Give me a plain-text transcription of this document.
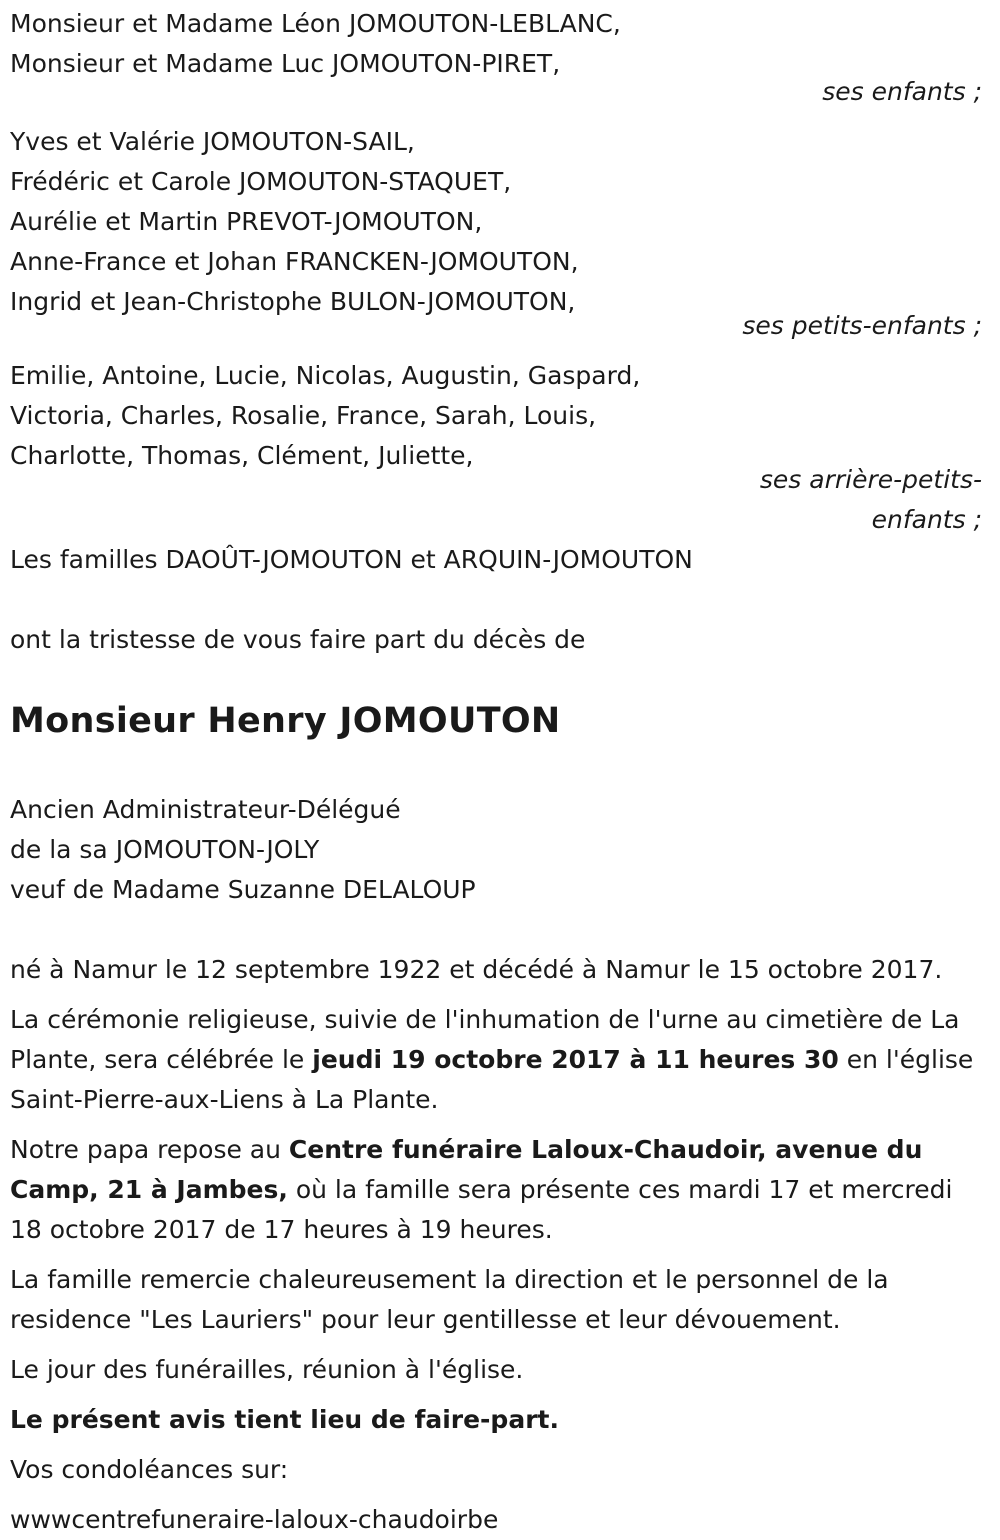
Monsieur et Madame Léon JOMOUTON-LEBLANC,
Monsieur et Madame Luc JOMOUTON-PIRET,
ses enfants ;
Yves et Valérie JOMOUTON-SAIL,
Frédéric et Carole JOMOUTON-STAQUET,
Aurélie et Martin PREVOT-JOMOUTON,
Anne-France et Johan FRANCKEN-JOMOUTON,
Ingrid et Jean-Christophe BULON-JOMOUTON,
ses petits-enfants ;
Emilie, Antoine, Lucie, Nicolas, Augustin, Gaspard,
Victoria, Charles, Rosalie, France, Sarah, Louis,
Charlotte, Thomas, Clément, Juliette,
ses arrière-petits-
enfants ;
Les familles DAOÛT-JOMOUTON et ARQUIN-JOMOUTON
ont la tristesse de vous faire part du décès de
Monsieur Henry JOMOUTON
Ancien Administrateur-Délégué
de la sa JOMOUTON-JOLY
veuf de Madame Suzanne DELALOUP
né à Namur le 12 septembre 1922 et décédé à Namur le 15 octobre 2017.
La cérémonie religieuse, suivie de l'inhumation de l'urne au cimetière de La Plante, sera célébrée le jeudi 19 octobre 2017 à 11 heures 30 en l'église Saint-Pierre-aux-Liens à La Plante.
Notre papa repose au Centre funéraire Laloux-Chaudoir, avenue du Camp, 21 à Jambes, où la famille sera présente ces mardi 17 et mercredi 18 octobre 2017 de 17 heures à 19 heures.
La famille remercie chaleureusement la direction et le personnel de la residence "Les Lauriers" pour leur gentillesse et leur dévouement.
Le jour des funérailles, réunion à l'église.
Le présent avis tient lieu de faire-part.
Vos condoléances sur:
wwwcentrefuneraire-laloux-chaudoirbe
